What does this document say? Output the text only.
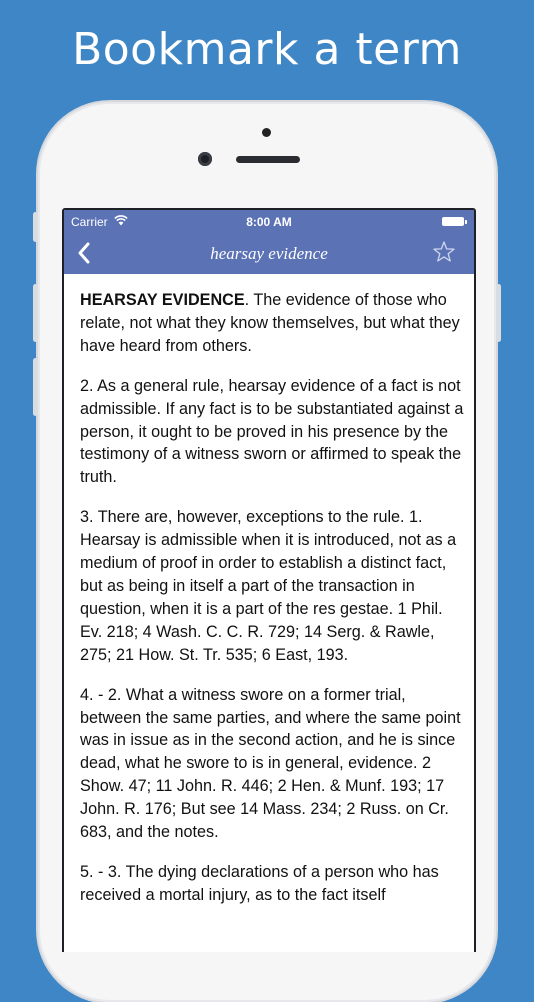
Bookmark a term
Carrier	8:00 AM
hearsay evidence

HEARSAY EVIDENCE. The evidence of those who relate, not what they know themselves, but what they have heard from others.

2. As a general rule, hearsay evidence of a fact is not admissible. If any fact is to be substantiated against a person, it ought to be proved in his presence by the testimony of a witness sworn or affirmed to speak the truth.

3. There are, however, exceptions to the rule. 1. Hearsay is admissible when it is introduced, not as a medium of proof in order to establish a distinct fact, but as being in itself a part of the transaction in question, when it is a part of the res gestae. 1 Phil. Ev. 218; 4 Wash. C. C. R. 729; 14 Serg. & Rawle, 275; 21 How. St. Tr. 535; 6 East, 193.

4. - 2. What a witness swore on a former trial, between the same parties, and where the same point was in issue as in the second action, and he is since dead, what he swore to is in general, evidence. 2 Show. 47; 11 John. R. 446; 2 Hen. & Munf. 193; 17 John. R. 176; But see 14 Mass. 234; 2 Russ. on Cr. 683, and the notes.

5. - 3. The dying declarations of a person who has received a mortal injury, as to the fact itself
